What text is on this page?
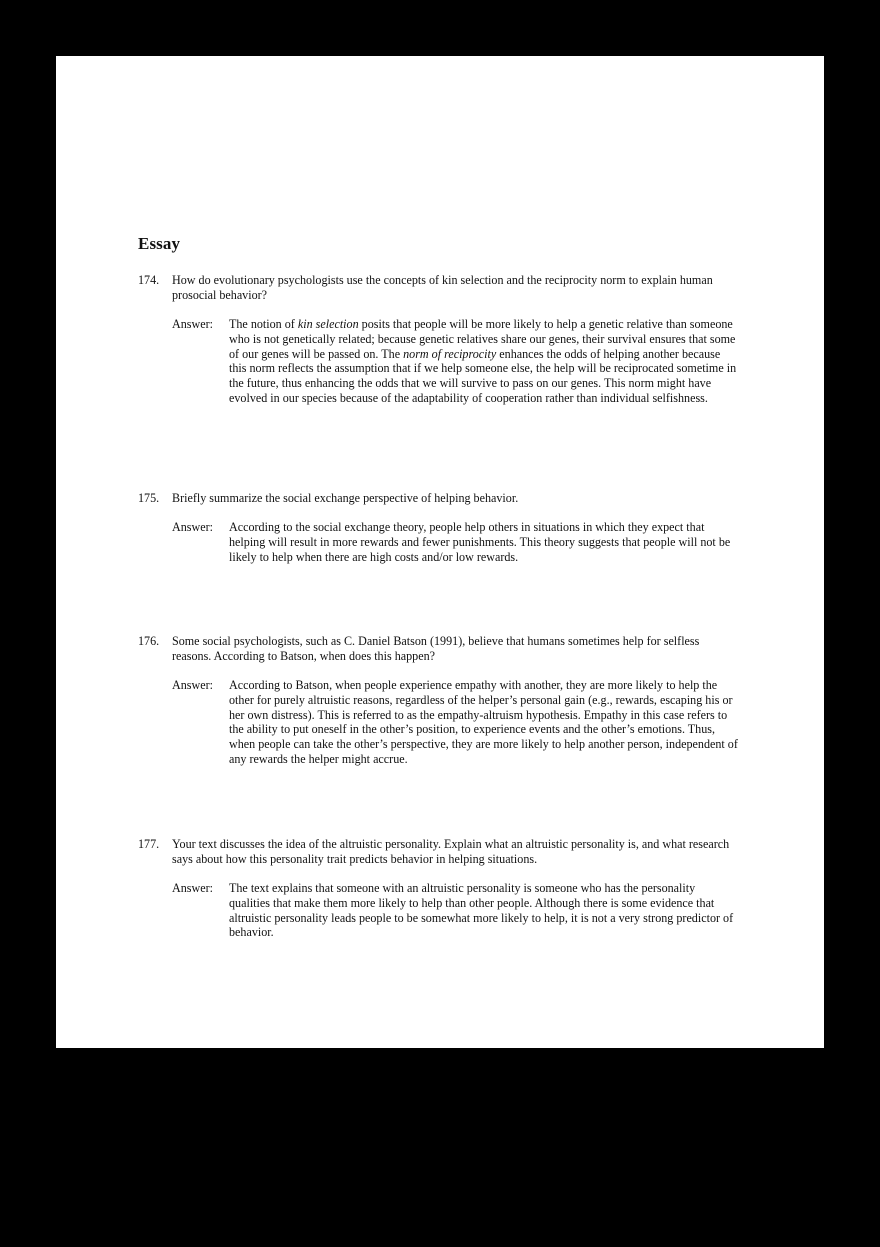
Essay
174. How do evolutionary psychologists use the concepts of kin selection and the reciprocity norm to explain human prosocial behavior?
Answer: The notion of kin selection posits that people will be more likely to help a genetic relative than someone who is not genetically related; because genetic relatives share our genes, their survival ensures that some of our genes will be passed on. The norm of reciprocity enhances the odds of helping another because this norm reflects the assumption that if we help someone else, the help will be reciprocated sometime in the future, thus enhancing the odds that we will survive to pass on our genes. This norm might have evolved in our species because of the adaptability of cooperation rather than individual selfishness.
175. Briefly summarize the social exchange perspective of helping behavior.
Answer: According to the social exchange theory, people help others in situations in which they expect that helping will result in more rewards and fewer punishments. This theory suggests that people will not be likely to help when there are high costs and/or low rewards.
176. Some social psychologists, such as C. Daniel Batson (1991), believe that humans sometimes help for selfless reasons. According to Batson, when does this happen?
Answer: According to Batson, when people experience empathy with another, they are more likely to help the other for purely altruistic reasons, regardless of the helper’s personal gain (e.g., rewards, escaping his or her own distress). This is referred to as the empathy-altruism hypothesis. Empathy in this case refers to the ability to put oneself in the other’s position, to experience events and the other’s emotions. Thus, when people can take the other’s perspective, they are more likely to help another person, independent of any rewards the helper might accrue.
177. Your text discusses the idea of the altruistic personality. Explain what an altruistic personality is, and what research says about how this personality trait predicts behavior in helping situations.
Answer: The text explains that someone with an altruistic personality is someone who has the personality qualities that make them more likely to help than other people. Although there is some evidence that altruistic personality leads people to be somewhat more likely to help, it is not a very strong predictor of behavior.
